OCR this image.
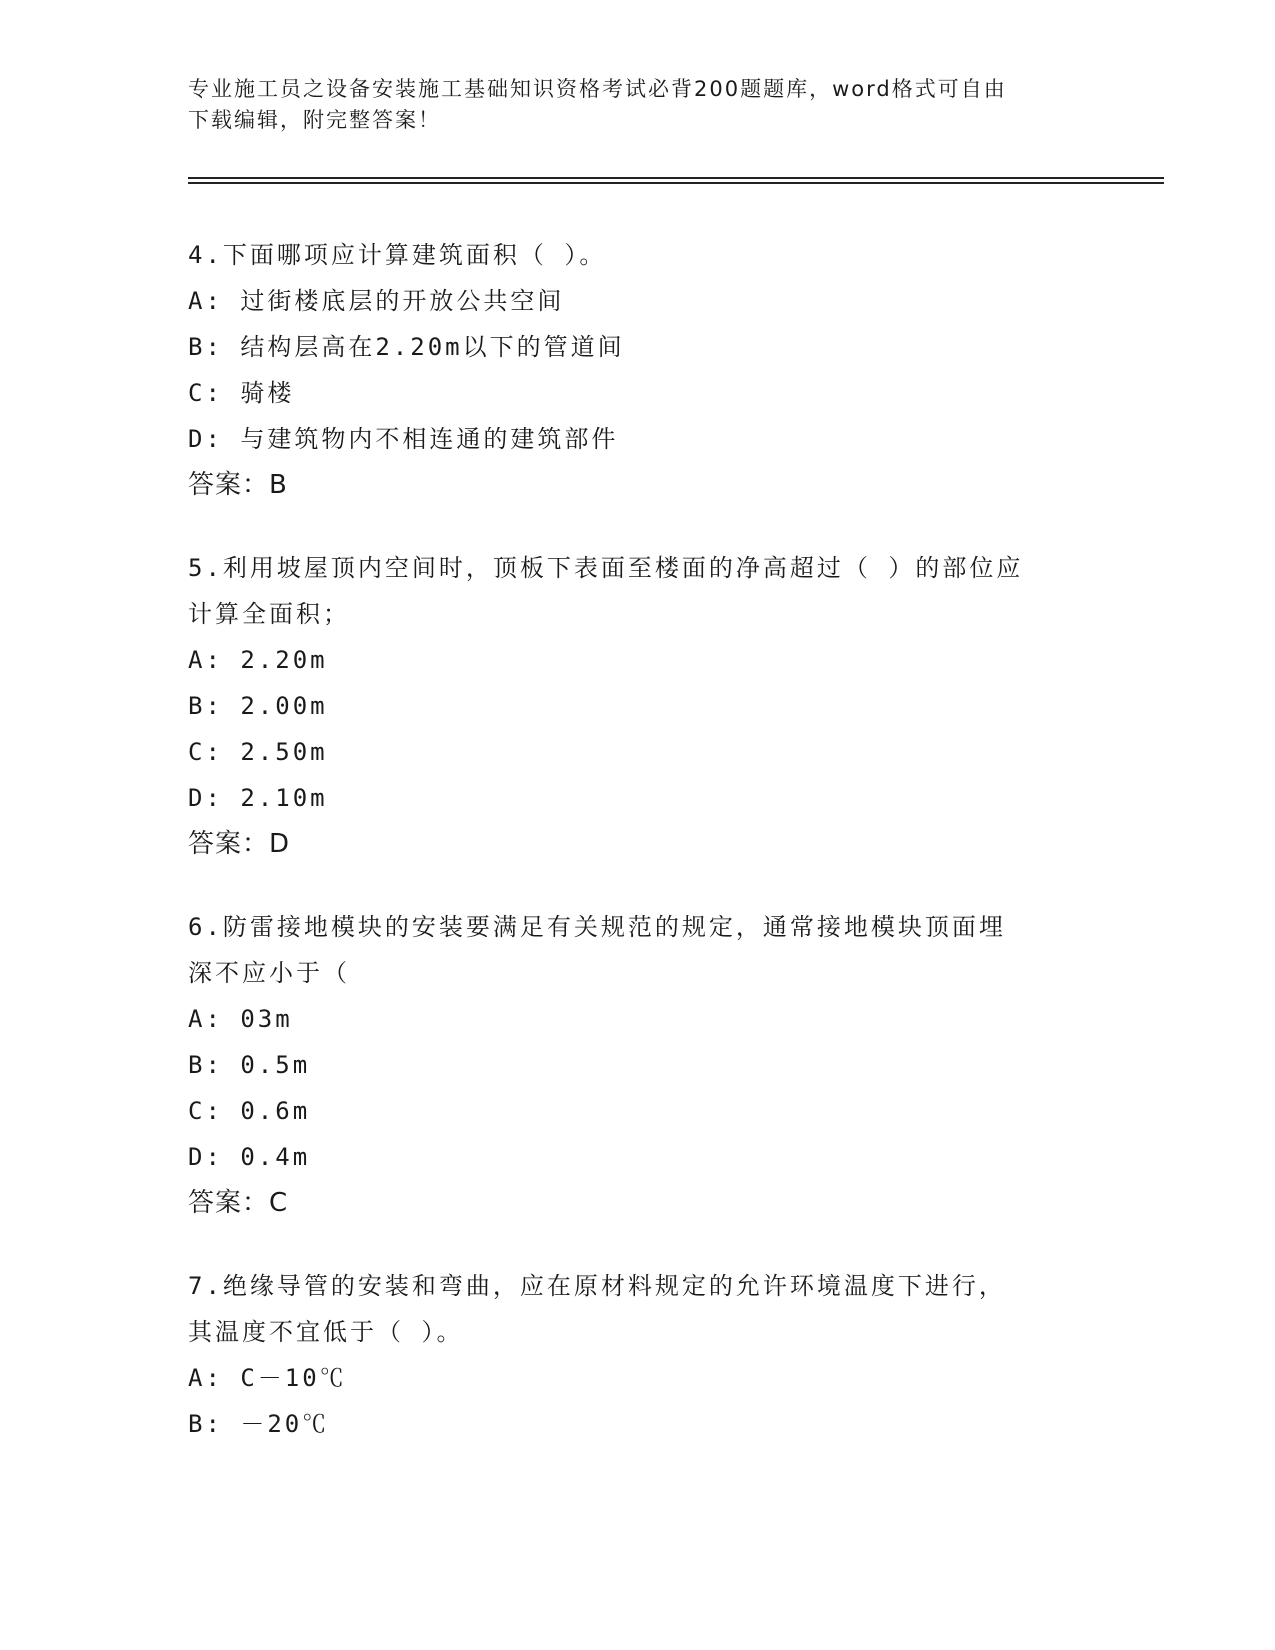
专业施工员之设备安装施工基础知识资格考试必背200题题库，word格式可自由
下载编辑，附完整答案！

4.下面哪项应计算建筑面积（ ）。

A: 过街楼底层的开放公共空间

B: 结构层高在2.20m以下的管道间

C: 骑楼

D: 与建筑物内不相连通的建筑部件

答案：B

5.利用坡屋顶内空间时，顶板下表面至楼面的净高超过（ ）的部位应

计算全面积；

A: 2.20m

B: 2.00m

C: 2.50m

D: 2.10m

答案：D

6.防雷接地模块的安装要满足有关规范的规定，通常接地模块顶面埋

深不应小于（

A: 03m

B: 0.5m

C: 0.6m

D: 0.4m

答案：C

7.绝缘导管的安装和弯曲，应在原材料规定的允许环境温度下进行，

其温度不宜低于（ ）。

A: C－10℃

B: －20℃
